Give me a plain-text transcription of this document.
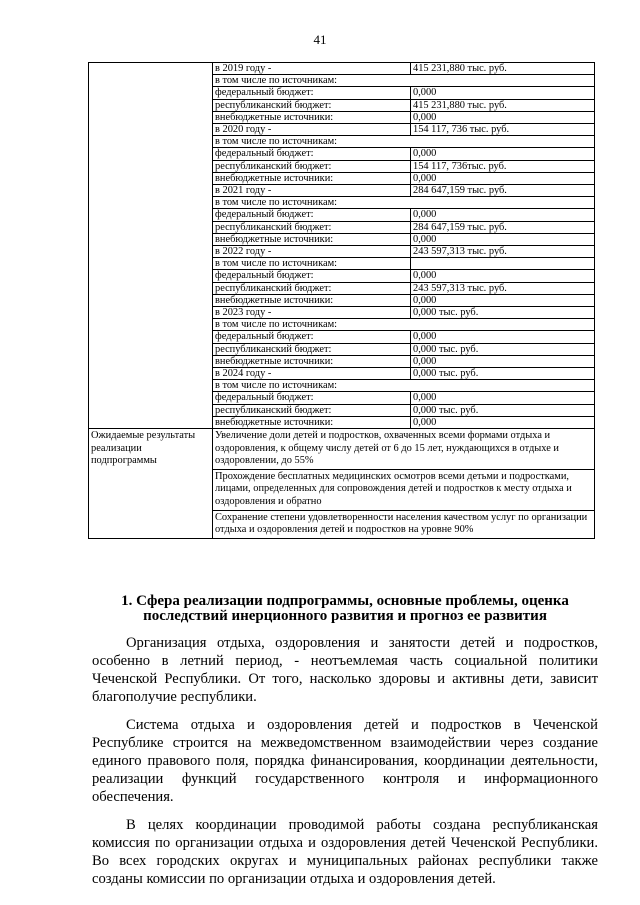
41
	в 2019 году -	415 231,880 тыс. руб.
	в том числе по источникам:	
	федеральный бюджет:	0,000
	республиканский бюджет:	415 231,880 тыс. руб.
	внебюджетные источники:	0,000
	в 2020 году -	154 117, 736 тыс. руб.
	в том числе по источникам:	
	федеральный бюджет:	0,000
	республиканский бюджет:	154 117, 736тыс. руб.
	внебюджетные источники:	0,000
	в 2021 году -	284 647,159 тыс. руб.
	в том числе по источникам:	
	федеральный бюджет:	0,000
	республиканский бюджет:	284 647,159 тыс. руб.
	внебюджетные источники:	0,000
	в 2022 году -	243 597,313 тыс. руб.
	в том числе по источникам:	
	федеральный бюджет:	0,000
	республиканский бюджет:	243 597,313 тыс. руб.
	внебюджетные источники:	0,000
	в 2023 году -	0,000 тыс. руб.
	в том числе по источникам:	
	федеральный бюджет:	0,000
	республиканский бюджет:	0,000 тыс. руб.
	внебюджетные источники:	0,000
	в 2024 году -	0,000 тыс. руб.
	в том числе по источникам:	
	федеральный бюджет:	0,000
	республиканский бюджет:	0,000 тыс. руб.
	внебюджетные источники:	0,000
Ожидаемые результаты реализации подпрограммы	Увеличение доли детей и подростков, охваченных всеми формами отдыха и оздоровления, к общему числу детей от 6 до 15 лет, нуждающихся в отдыхе и оздоровлении, до 55%	
	Прохождение бесплатных медицинских осмотров всеми детьми и подростками, лицами, определенных для сопровождения детей и подростков к месту отдыха и оздоровления и обратно	
	Сохранение степени удовлетворенности населения качеством услуг по организации отдыха и оздоровления детей и подростков на уровне 90%	
1. Сфера реализации подпрограммы, основные проблемы, оценка последствий инерционного развития и прогноз ее развития

Организация отдыха, оздоровления и занятости детей и подростков, особенно в летний период, - неотъемлемая часть социальной политики Чеченской Республики. От того, насколько здоровы и активны дети, зависит благополучие республики.

Система отдыха и оздоровления детей и подростков в Чеченской Республике строится на межведомственном взаимодействии через создание единого правового поля, порядка финансирования, координации деятельности, реализации функций государственного контроля и информационного обеспечения.

В целях координации проводимой работы создана республиканская комиссия по организации отдыха и оздоровления детей Чеченской Республики. Во всех городских округах и муниципальных районах республики также созданы комиссии по организации отдыха и оздоровления детей.
